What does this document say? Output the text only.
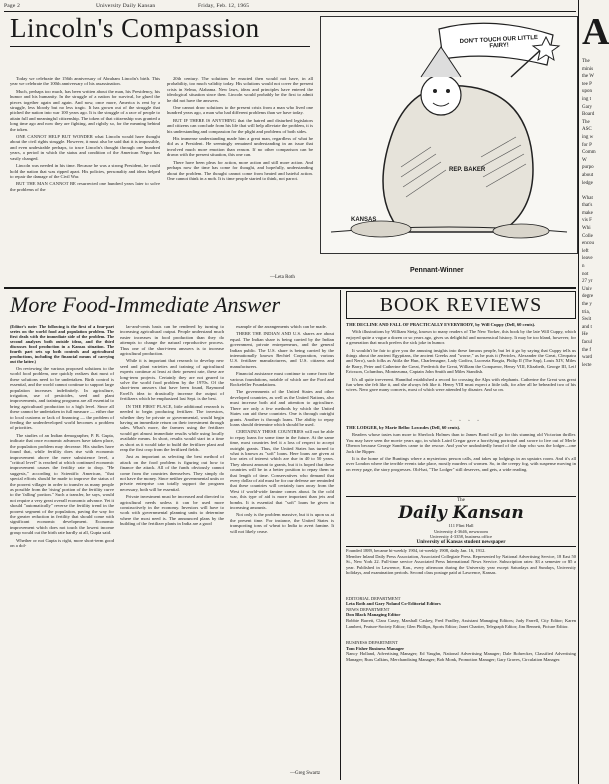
Page 2	University Daily Kansan	Friday, Feb. 12, 1965
Lincoln's Compassion

Today we celebrate the 156th anniversary of Abraham Lincoln's birth. This year we celebrate the 100th anniversary of his assassination.

Much, perhaps too much, has been written about the man, his Presidency, his humor and his humanity. In the struggle of a nation for survival, he glued the pieces together again and again. And now, once more, America is rent by a struggle, less bloody but no less tragic. It has grown out of the struggle that pitched the nation into war 100 years ago. It is the struggle of a race of people to attain full and meaningful citizenship. The token of that citizenship was granted a long time ago and now they are fighting, and rightly so, for the meaning behind the token.

ONE CANNOT HELP BUT WONDER what Lincoln would have thought about the civil rights struggle. However, it must also be said that it is impossible, and even undesirable perhaps, to trace Lincoln's thought through one hundred years, a period in which the status and condition of the American Negro has vastly changed.

Lincoln was needed in his time. Because he was a strong President, he could hold the nation that was ripped apart. His policies, personality and ideas helped to repair the damage of the Civil War.

BUT THE MAN CANNOT BE resurrected one hundred years later to solve the problems of the

20th century. The solutions he enacted then would not have, in all probability, too much validity today. His solutions would not cover the present crisis in Selma, Alabama. New laws, ideas and principles have entered the ideological situation since then. Lincoln would probably be the first to admit he did not have the answers.

One cannot draw solutions to the present crisis from a man who lived one hundred years ago, a man who had different problems than we have today.

BUT IF THERE IS ANYTHING that the hatred and disturbed legislators and citizens can conclude from his life that will help alleviate the problem, it is his understanding and compassion for the plight and problems of both sides.

His immense understanding made him a great man, regardless of what he did as a President. He seemingly remained understanding in an issue that involved much more emotion than reason. If no other comparison can be drawn with the present situation, this one can.

There have been pleas for action, more action and still more action. And perhaps now the time has come for thought, and hopefully, understanding about the problem. The thought cannot come from heated and hateful action. One cannot think in a mob. It is time people started to think, not parrot.

—Leta Roth
DON'T TOUCH OUR LITTLE FAIRY!
REP. BAKER
KANSAS
Pennant-Winner
More Food-Immediate Answer

(Editor's note: The following is the first of a four-part series on the world food and population problem. The first deals with the immediate side of the problem. The second analyzes both outside ideas, and the third discusses food production in a Kansas situation. The fourth part sets up both controls and agricultural productions, including the financial means of carrying out the latter.)

On reviewing the various proposed solutions to the world food problem, one quickly realizes that most of these solutions need to be undertaken. Birth control is essential, and the world cannot continue to support large population increases indefinitely. In agriculture, irrigation, use of pesticides, seed and plant improvements, and training programs are all essential to bring agricultural production to a high level. Since all these cannot be undertaken in full measure — either due to local customs or lack of financing — the problem of feeding the underdeveloped world becomes a problem of priorities.

The studies of an Indian demographer, P. B. Gupta, indicate that once economic advances have taken place, the population problem may decrease. His studies have found that, while fertility does rise with economic improvement above the mere subsistence level, a "critical level" is reached at which continued economic improvement causes the fertility rate to drop. "He suggests," according to Scientific American, "that special efforts should be made to improve the status of the poorest villager in order to transfer as many people as possible from the 'rising' portion of the fertility curve to the 'falling' portion." Such a transfer, he says, would not require a very great overall economic advance. Yet it should "automatically" reverse the fertility trend in the poorest segment of the population, paving the way for the greater reduction in fertility that should come with significant economic development. Economic improvement which does not touch the lowest income group would cut the birth rate hardly at all, Gupta said.

Whether or not Gupta is right, more short-term good on a dol-

lar-and-cents basis can be rendered by turning to increasing agricultural output. People understand much easier increases in food production than they do attempts to change the natural reproductive process. Thus one of the short-term answers is to increase agricultural production.

While it is important that research to develop new seed and plant varieties and training of agricultural experts continue at least at their present rate, these are long-term projects. Certainly they are not geared to solve the world food problem by the 1970s. Of the short-term answers that have been found, Raymond Ewell's idea to drastically increase the output of fertilizers which he emphasized last Sept. is the best.

IN THE FIRST PLACE, little additional research is needed to begin producing fertilizer. The investors, whether they be private or governmental, would begin having an immediate return on their investment through sales. What's more, the farmers using the fertilizer would get almost immediate results while using locally available means. In short, results would start in a time as short as it would take to build the fertilizer plant and reap the first crop from the fertilized fields.

Just as important as selecting the best method of attack on the food problem is figuring out how to finance the attack. All of the funds obviously cannot come from the countries themselves. They simply do not have the money. Since neither governmental units or private enterprise can totally support the program necessary, both will be essential.

Private investment must be increased and directed to agricultural needs unless it can be used more constructively in the economy. Investors will have to work with governmental planning units to determine where the most need is. The announced plans by the building of the fertilizer plants in India are a good

example of the arrangements which can be made.

THERE THE INDIAN AND U.S. shares are about equal. The Indian share is being carried by the Indian government, private entrepreneurs, and the general Indian public. The U.S. share is being carried by the internationally known Bechtel Corporation, various U.S. fertilizer manufacturers, and U.S. citizens and manufacturers.

Financial assistance must continue to come from the various foundations, notable of which are the Ford and Rockefeller Foundations.

The governments of the United States and other developed countries, as well as the United Nations, also must increase both aid and attention to agriculture. There are only a few methods by which the United States can aid these countries. One is through outright grants. Another is through loans. The ability to repay loans should determine which should be used.

CERTAINLY THESE COUNTRIES will not be able to repay loans for some time in the future. At the same time, most countries feel it a loss of respect to accept outright grants. Thus, the United States has turned to what is known as "soft" loans. Here loans are given at low rates of interest which are due in 40 to 50 years. They almost amount to grants, but it is hoped that these countries will be in a better position to repay them in that length of time. Conservatives who demand that every dollar of aid must be for our defense are reminded that these countries will certainly turn away from the West if world-wide famine comes about. In the cold war, this type of aid is more important than jets and bombs. It is essential that "soft" loans be given in increasing amounts.

Not only is the problem massive, but it is upon us at the present time. For instance, the United States is transporting tons of wheat to India to avert famine. It will not likely cease.

—Greg Swartz
BOOK REVIEWS

THE DECLINE AND FALL OF PRACTICALLY EVERYBODY, by Will Cuppy (Dell, 60 cents).

With illustrations by William Steig, known to many readers of The New Yorker, this book by the late Will Cuppy, which enjoyed quite a vogue a dozen or so years ago, gives us delightful and nonsensical history. It may be too bland, however, for a generation that much prefers the sick joke in humor.

It wouldn't be fair to give you the amusing insights into these famous people, but let it go by saying that Cuppy tells us things about the ancient Egyptians, the ancient Greeks and "worse," as he puts it (Pericles, Alexander the Great, Cleopatra and Nero), such folks as Attila the Hun, Charlemagne, Lady Godiva, Lucrezia Borgia, Philip II (The Sap), Louis XIV, Miles de Barry, Peter and Catherine the Great, Frederick the Great, William the Conqueror, Henry VIII, Elizabeth, George III, Leif Ericsson, Columbus, Montezuma, Captain John Smith and Miles Standish.

It's all quite irreverent. Hannibal established a record for crossing the Alps with elephants. Catherine the Great was great fun when she felt like it, and she always felt like it. Henry VIII must expect a little talk, for after all he beheaded two of his wives. Nero gave many concerts, most of which were attended by disaster. And so on.

◦ ◦ ◦ ◦

THE LODGER, by Marie Belloc Lowndes (Dell, 60 cents).

Readers whose tastes turn more to Sherlock Holmes than to James Bond will go for this stunning old Victorian thriller. You may have seen the movie years ago, in which Laird Cregar gave a horrifying portrayal and swore to live out of Merle Oberon because George Sanders came to the rescue. And you've undoubtedly heard of the chap who was the lodger—one Jack the Ripper.

It is the home of the Buntings where a mysterious person calls, and takes up lodgings in an upstairs room. And it's all over London where the terrible events take place, mostly murders of women. So, in the creepy fog, with suspense moving in on every page, the story progresses. Old-hat, "The Lodger" still deserves, and gets, a wide reading.

The
Daily Kansan
111 Flint Hall
University 4-3646, newsroom
University 4-3358, business office
University of Kansas student newspaper
Founded 1889, became bi-weekly 1904, tri-weekly 1908, daily Jan. 16, 1912.
Member Inland Daily Press Association, Associated Collegiate Press. Represented by National Advertising Service, 18 East 50 St., New York 22. Full-time service Associated Press International News Service. Subscription rates: $3 a semester or $5 a year. Published in Lawrence, Kan., every afternoon during the University year except Saturdays and Sundays, University holidays, and examination periods. Second class postage paid at Lawrence, Kansas.
EDITORIAL DEPARTMENT
Leta Roth and Gary Noland Co-Editorial Editors
NEWS DEPARTMENT
Don Black Managing Editor
Bobbie Barrett, Clara Casey, Marshall Caskey, Fred Fradley, Assistant Managing Editors; Judy Farrell, City Editor; Karen Lambert, Feature-Society Editor; Glen Phillips, Sports Editor; Janet Chartier, Telegraph Editor; Jim Bennett, Picture Editor.
BUSINESS DEPARTMENT
Tom Fisher Business Manager
Nancy Holland, Advertising Manager; Ed Vaughn, National Advertising Manager; Dale Bohrecker, Classified Advertising Manager; Russ Calkins, Merchandising Manager; Bob Monk, Promotion Manager; Gary Graves, Circulation Manager.
A
The
minis
the W
tee P
upon
ing t
Gary
Board
The
ASC
ing w
for P
Comm
W
purpo
about
ledge

What
that's
make
vis F
Whi
Colle
encou
left
leave
n
not
27 yr
Univ
degre
the y
tria,
Swit
and t
He
facul
the f
ward
lecte
